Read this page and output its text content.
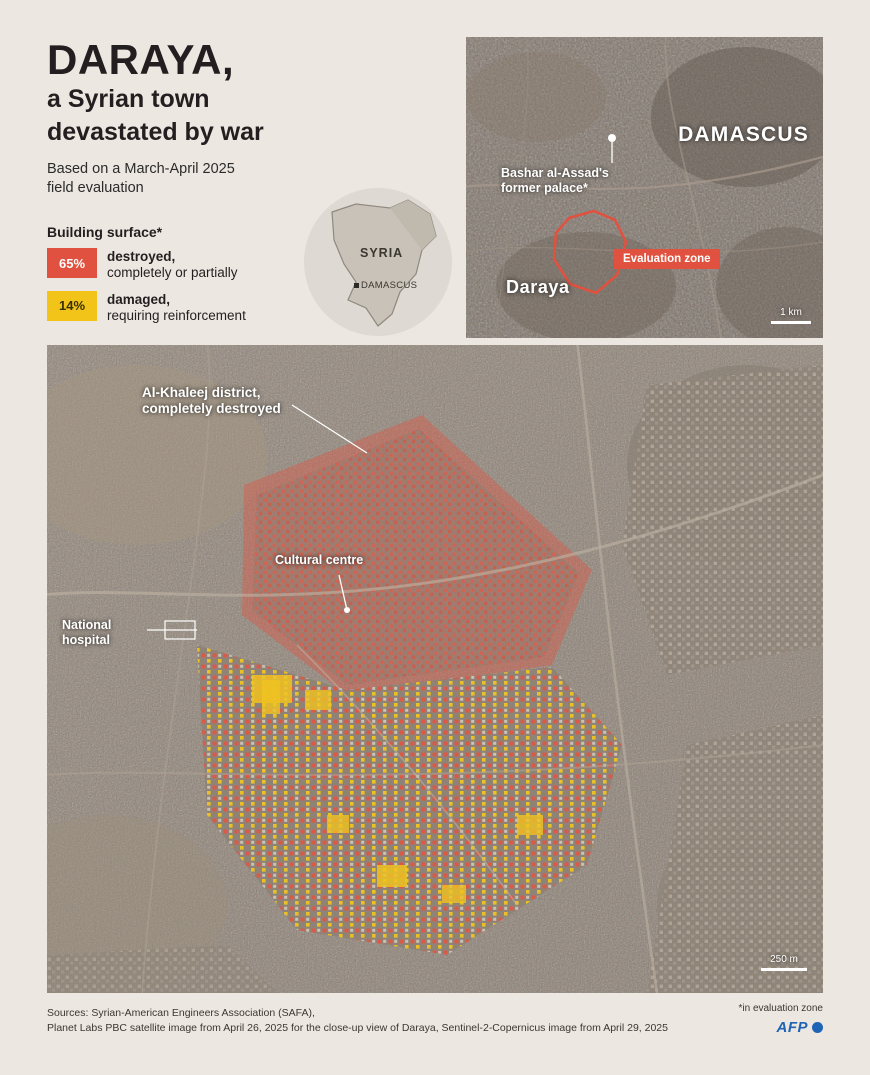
DARAYA,
a Syrian town
devastated by war
Based on a March-April 2025
field evaluation
Building surface*
65%	destroyed,
completely or partially
14%	damaged,
requiring reinforcement
SYRIA
DAMASCUS
DAMASCUS
Bashar al-Assad's
former palace*
Daraya
Evaluation zone
1 km
Al-Khaleej district,
completely destroyed
Cultural centre
National
hospital
250 m
Sources: Syrian-American Engineers Association (SAFA),
Planet Labs PBC satellite image from April 26, 2025 for the close-up view of Daraya, Sentinel-2-Copernicus image from April 29, 2025
*in evaluation zone
AFP
